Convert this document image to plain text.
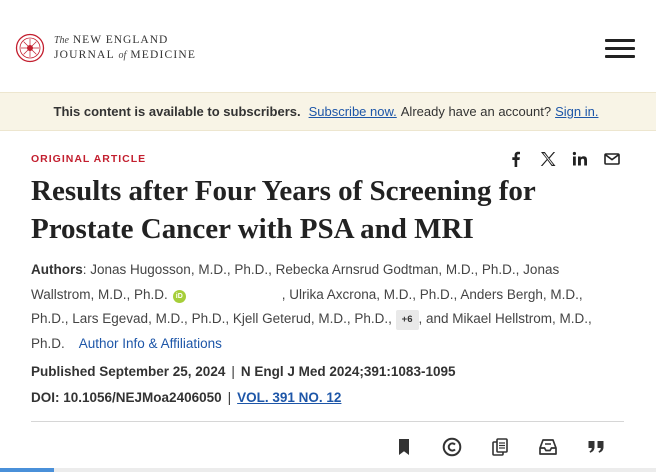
The NEW ENGLAND
JOURNAL of MEDICINE
This content is available to subscribers. Subscribe now. Already have an account? Sign in.
ORIGINAL ARTICLE
Results after Four Years of Screening for Prostate Cancer with PSA and MRI
Authors: Jonas Hugosson, M.D., Ph.D., Rebecka Arnsrud Godtman, M.D., Ph.D., Jonas Wallstrom, M.D., Ph.D. iD	, Ulrika Axcrona, M.D., Ph.D., Anders Bergh, M.D., Ph.D., Lars Egevad, M.D., Ph.D., Kjell Geterud, M.D., Ph.D., +6 , and Mikael Hellstrom, M.D., Ph.D. Author Info & Affiliations
Published September 25, 2024 | N Engl J Med 2024;391:1083-1095
DOI: 10.1056/NEJMoa2406050 | VOL. 391 NO. 12
